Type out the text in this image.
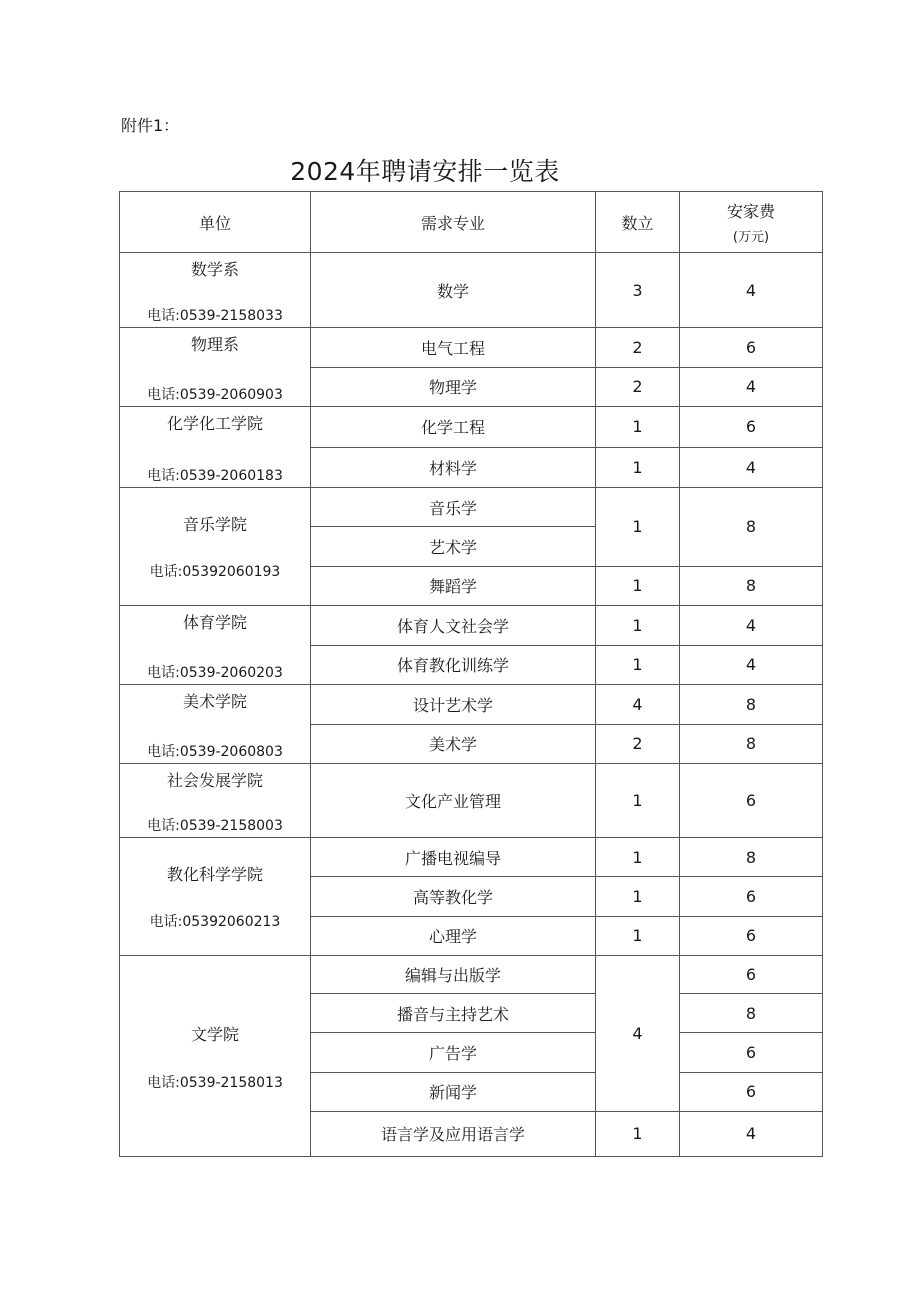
附件1：
2024年聘请安排一览表
单位	需求专业	数立	安家费
(万元)

数学系
电话:0539-2158033	数学	3	4

物理系
电话:0539-2060903	电气工程	2	6
	物理学	2	4

化学化工学院
电话:0539-2060183	化学工程	1	6
	材料学	1	4

音乐学院
电话:05392060193	音乐学	1	8
	艺术学		
	舞蹈学	1	8

体育学院
电话:0539-2060203	体育人文社会学	1	4
	体育教化训练学	1	4

美术学院
电话:0539-2060803	设计艺术学	4	8
	美术学	2	8

社会发展学院
电话:0539-2158003	文化产业管理	1	6

教化科学学院
电话:05392060213	广播电视编导	1	8
	高等教化学	1	6
	心理学	1	6

文学院
电话:0539-2158013	编辑与出版学	4	6
	播音与主持艺术		8
	广告学		6
	新闻学		6
	语言学及应用语言学	1	4
